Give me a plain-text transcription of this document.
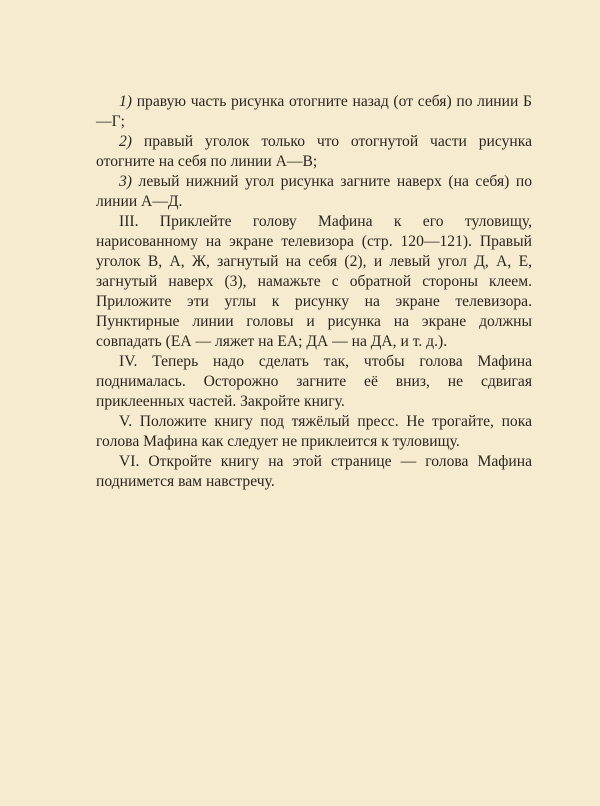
1) правую часть рисунка отогните назад (от себя) по линии Б—Г;

2) правый уголок только что отогнутой части рисунка отогните на себя по линии А—В;

3) левый нижний угол рисунка загните наверх (на себя) по линии А—Д.

III. Приклейте голову Мафина к его туловищу, нарисованному на экране телевизора (стр. 120—121). Правый уголок В, А, Ж, загнутый на себя (2), и левый угол Д, А, Е, загнутый наверх (3), намажьте с обратной стороны клеем. Приложите эти углы к рисунку на экране телевизора. Пунктирные линии головы и рисунка на экране должны совпадать (ЕА — ляжет на ЕА; ДА — на ДА, и т. д.).

IV. Теперь надо сделать так, чтобы голова Мафина поднималась. Осторожно загните её вниз, не сдвигая приклеенных частей. Закройте книгу.

V. Положите книгу под тяжёлый пресс. Не трогайте, пока голова Мафина как следует не приклеится к туловищу.

VI. Откройте книгу на этой странице — голова Мафина поднимется вам навстречу.
